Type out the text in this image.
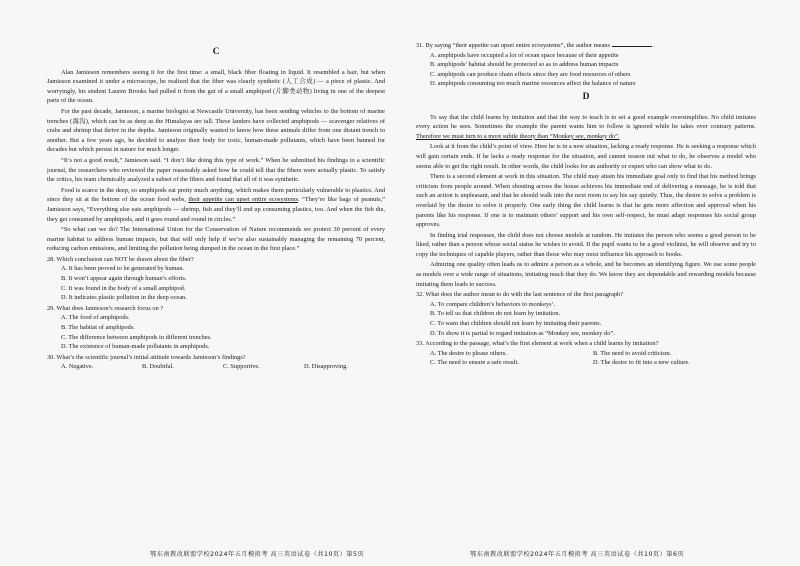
C

Alan Jamieson remembers seeing it for the first time: a small, black fiber floating in liquid. It resembled a hair, but when Jamieson examined it under a microscope, he realized that the fiber was clearly synthetic (人工合成) — a piece of plastic. And worryingly, his student Lauren Brooks had pulled it from the gut of a small amphipod (片脚类动物) living in one of the deepest parts of the ocean.

For the past decade, Jamieson, a marine biologist at Newcastle University, has been sending vehicles to the bottom of marine trenches (海沟), which can be as deep as the Himalayas are tall. These landers have collected amphipods — scavenger relatives of crabs and shrimp that thrive in the depths. Jamieson originally wanted to know how these animals differ from one distant trench to another. But a few years ago, he decided to analyze their body for toxic, human-made pollutants, which have been banned for decades but which persist in nature for much longer.

“It’s not a good result,” Jamieson said. “I don’t like doing this type of work.” When he submitted his findings to a scientific journal, the researchers who reviewed the paper reasonably asked how he could tell that the fibers were actually plastic. To satisfy the critics, his team chemically analyzed a subset of the fibers and found that all of it was synthetic.

Food is scarce in the deep, so amphipods eat pretty much anything, which makes them particularly vulnerable to plastics. And since they sit at the bottom of the ocean food webs, their appetite can upset entire ecosystems. “They’re like bags of peanuts,” Jamieson says, “Everything else eats amphipods — shrimp, fish and they’ll end up consuming plastics, too. And when the fish die, they get consumed by amphipods, and it goes round and round in circles.”

“So what can we do? The International Union for the Conservation of Nature recommends we protect 30 percent of every marine habitat to address human impacts, but that will only help if we’re also sustainably managing the remaining 70 percent, reducing carbon emissions, and limiting the pollution being dumped in the ocean in the first place.”

28. Which conclusion can NOT be drawn about the fiber?
A. It has been proved to be generated by human.
B. It won’t appear again through human’s efforts.
C. It was found in the body of a small amphipod.
D. It indicates plastic pollution in the deep ocean.
29. What does Jamieson’s research focus on ?
A. The food of amphipods.
B. The habitat of amphipods.
C. The difference between amphipods in different trenches.
D. The existence of human-made pollutants in amphipods.
30. What’s the scientific journal’s initial attitude towards Jamieson’s findings?
A. Negative.	B. Doubtful.	C. Supportive.	D. Disapproving.
31. By saying “their appetite can upset entire ecosystems”, the author means	.
A. amphipods have occupied a lot of ocean space because of their appetite
B. amphipods’ habitat should be protected so as to address human impacts
C. amphipods can produce chain effects since they are food resources of others
D. amphipods consuming too much marine resources affect the balance of nature
D

To say that the child learns by imitation and that the way to teach is to set a good example oversimplifies. No child imitates every action he sees. Sometimes the example the parent wants him to follow is ignored while he takes over contrary patterns. Therefore we must turn to a more subtle theory than “Monkey see, monkey do”.

Look at it from the child’s point of view. Here he is in a new situation, lacking a ready response. He is seeking a response which will gain certain ends. If he lacks a ready response for the situation, and cannot reason out what to do, he observes a model who seems able to get the right result. In other words, the child looks for an authority or expert who can show what to do.

There is a second element at work in this situation. The child may attain his immediate goal only to find that his method brings criticism from people around. When shouting across the house achieves his immediate end of delivering a message, he is told that such an action is unpleasant, and that he should walk into the next room to say his say quietly. Thus, the desire to solve a problem is overlaid by the desire to solve it properly. One early thing the child learns is that he gets more affection and approval when his parents like his response. If one is to maintain others’ support and his own self-respect, he must adapt responses his social group approves.

In finding trial responses, the child does not choose models at random. He imitates the person who seems a good person to be liked, rather than a person whose social status he wishes to avoid. If the pupil wants to be a good violinist, he will observe and try to copy the techniques of capable players, rather than those who may most influence his approach to books.

Admiring one quality often leads us to admire a person as a whole, and he becomes an identifying figure. We use some people as models over a wide range of situations, imitating much that they do. We know they are dependable and rewarding models because imitating them leads to success.

32. What does the author mean to do with the last sentence of the first paragraph?
A. To compare children’s behaviors to monkeys’.
B. To tell us that children do not learn by imitation.
C. To warn that children should not learn by imitating their parents.
D. To show it is partial to regard imitation as “Monkey see, monkey do”.
33. According to the passage, what’s the first element at work when a child learns by imitation?
A. The desire to please others.	B. The need to avoid criticism.
C. The need to ensure a safe result.	D. The desire to fit into a new culture.
鄂东南教改联盟学校2024年五月模拟考 高三英语试卷（共10页）第5页	鄂东南教改联盟学校2024年五月模拟考 高三英语试卷（共10页）第6页
